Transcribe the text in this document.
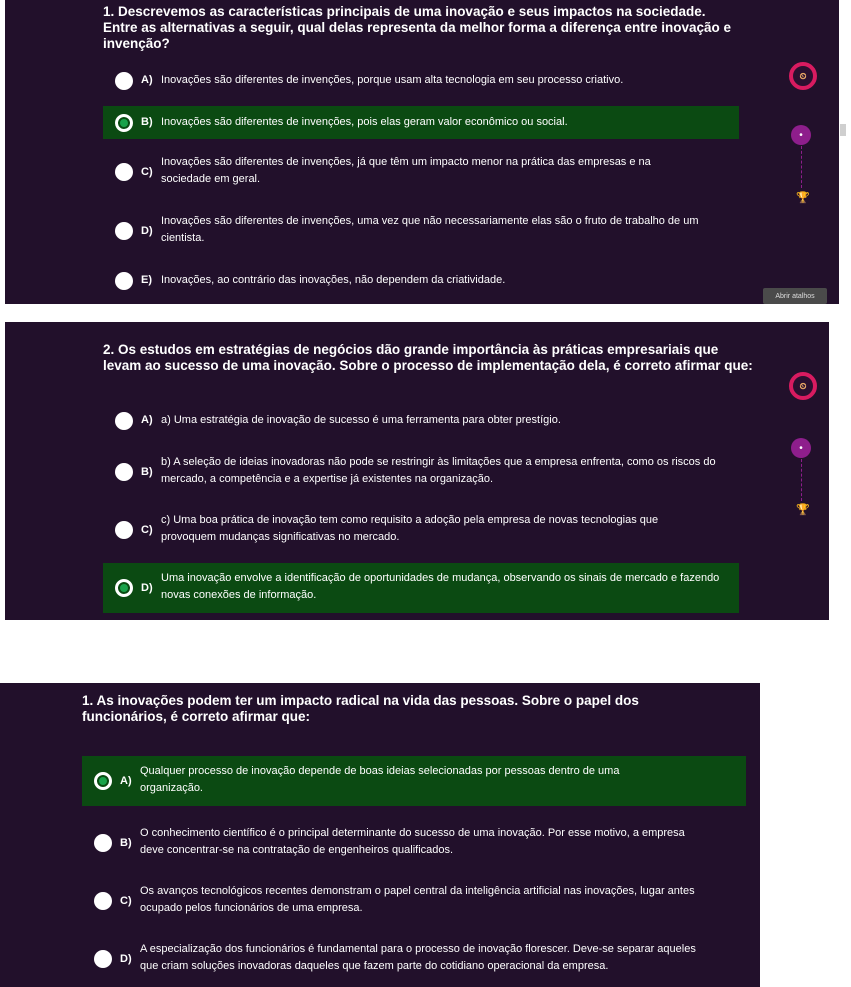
1. Descrevemos as características principais de uma inovação e seus impactos na sociedade. Entre as alternativas a seguir, qual delas representa da melhor forma a diferença entre inovação e invenção?
A) Inovações são diferentes de invenções, porque usam alta tecnologia em seu processo criativo.
B) Inovações são diferentes de invenções, pois elas geram valor econômico ou social.
C)
Inovações são diferentes de invenções, já que têm um impacto menor na prática das empresas e na sociedade em geral.
D)
Inovações são diferentes de invenções, uma vez que não necessariamente elas são o fruto de trabalho de um cientista.
E) Inovações, ao contrário das inovações, não dependem da criatividade.
⏲
•
🏆
Abrir atalhos
2. Os estudos em estratégias de negócios dão grande importância às práticas empresariais que levam ao sucesso de uma inovação. Sobre o processo de implementação dela, é correto afirmar que:
A) a) Uma estratégia de inovação de sucesso é uma ferramenta para obter prestígio.
B)
b) A seleção de ideias inovadoras não pode se restringir às limitações que a empresa enfrenta, como os riscos do mercado, a competência e a expertise já existentes na organização.
C)
c) Uma boa prática de inovação tem como requisito a adoção pela empresa de novas tecnologias que provoquem mudanças significativas no mercado.
D)
Uma inovação envolve a identificação de oportunidades de mudança, observando os sinais de mercado e fazendo novas conexões de informação.
⏲
•
🏆
1. As inovações podem ter um impacto radical na vida das pessoas. Sobre o papel dos funcionários, é correto afirmar que:
A)
Qualquer processo de inovação depende de boas ideias selecionadas por pessoas dentro de uma organização.
B)
O conhecimento científico é o principal determinante do sucesso de uma inovação. Por esse motivo, a empresa deve concentrar-se na contratação de engenheiros qualificados.
C)
Os avanços tecnológicos recentes demonstram o papel central da inteligência artificial nas inovações, lugar antes ocupado pelos funcionários de uma empresa.
D)
A especialização dos funcionários é fundamental para o processo de inovação florescer. Deve-se separar aqueles que criam soluções inovadoras daqueles que fazem parte do cotidiano operacional da empresa.
